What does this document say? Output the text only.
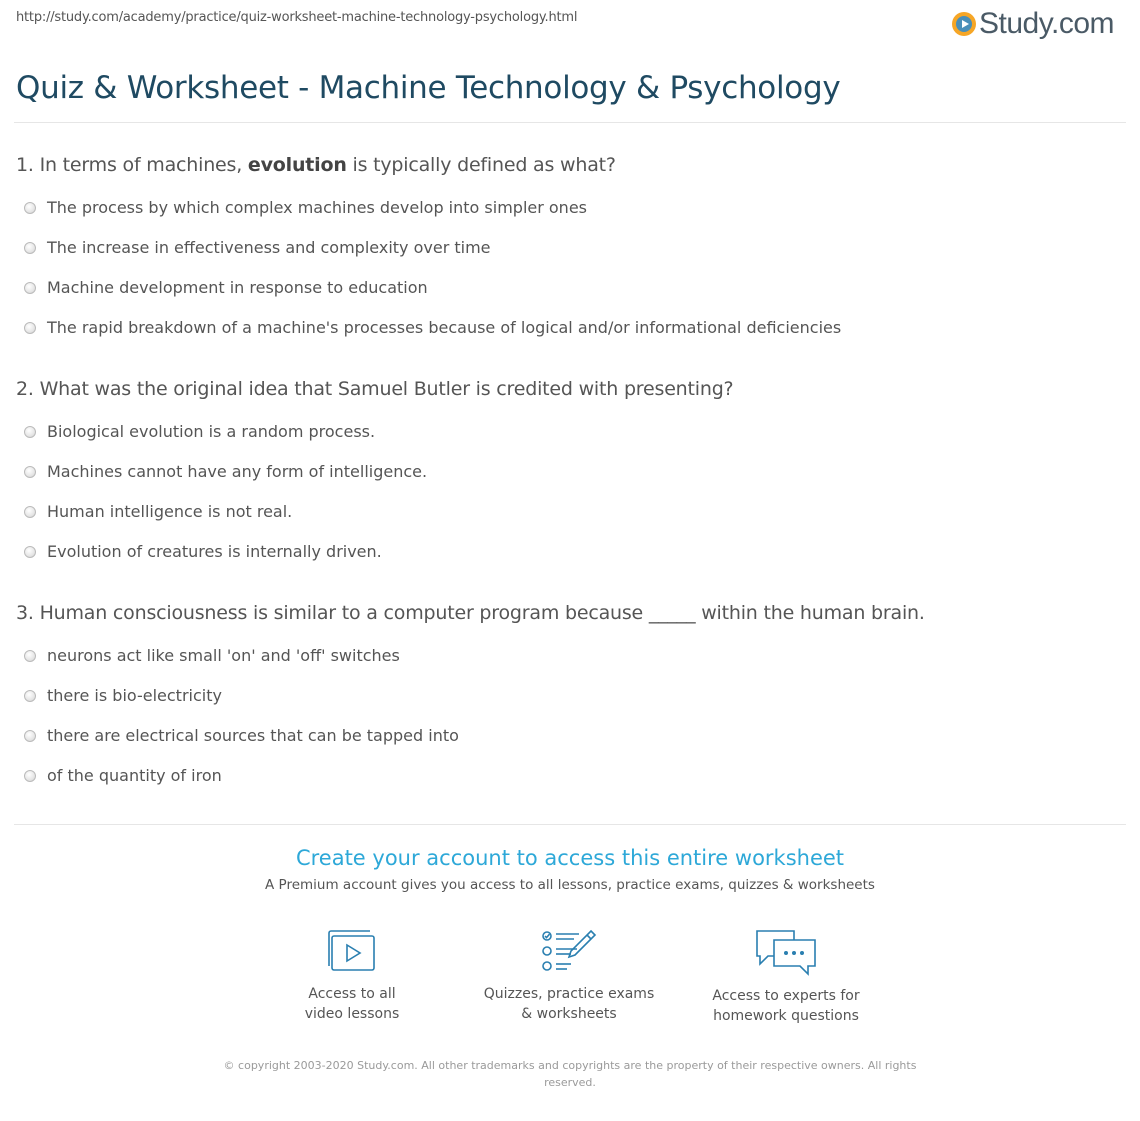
http://study.com/academy/practice/quiz-worksheet-machine-technology-psychology.html	Study.com
Quiz & Worksheet - Machine Technology & Psychology
1. In terms of machines, evolution is typically defined as what?
The process by which complex machines develop into simpler ones
The increase in effectiveness and complexity over time
Machine development in response to education
The rapid breakdown of a machine's processes because of logical and/or informational deficiencies
2. What was the original idea that Samuel Butler is credited with presenting?
Biological evolution is a random process.
Machines cannot have any form of intelligence.
Human intelligence is not real.
Evolution of creatures is internally driven.
3. Human consciousness is similar to a computer program because _____ within the human brain.
neurons act like small 'on' and 'off' switches
there is bio-electricity
there are electrical sources that can be tapped into
of the quantity of iron
Create your account to access this entire worksheet
A Premium account gives you access to all lessons, practice exams, quizzes & worksheets
Access to all
video lessons
Quizzes, practice exams
& worksheets
Access to experts for
homework questions
© copyright 2003-2020 Study.com. All other trademarks and copyrights are the property of their respective owners. All rights reserved.
